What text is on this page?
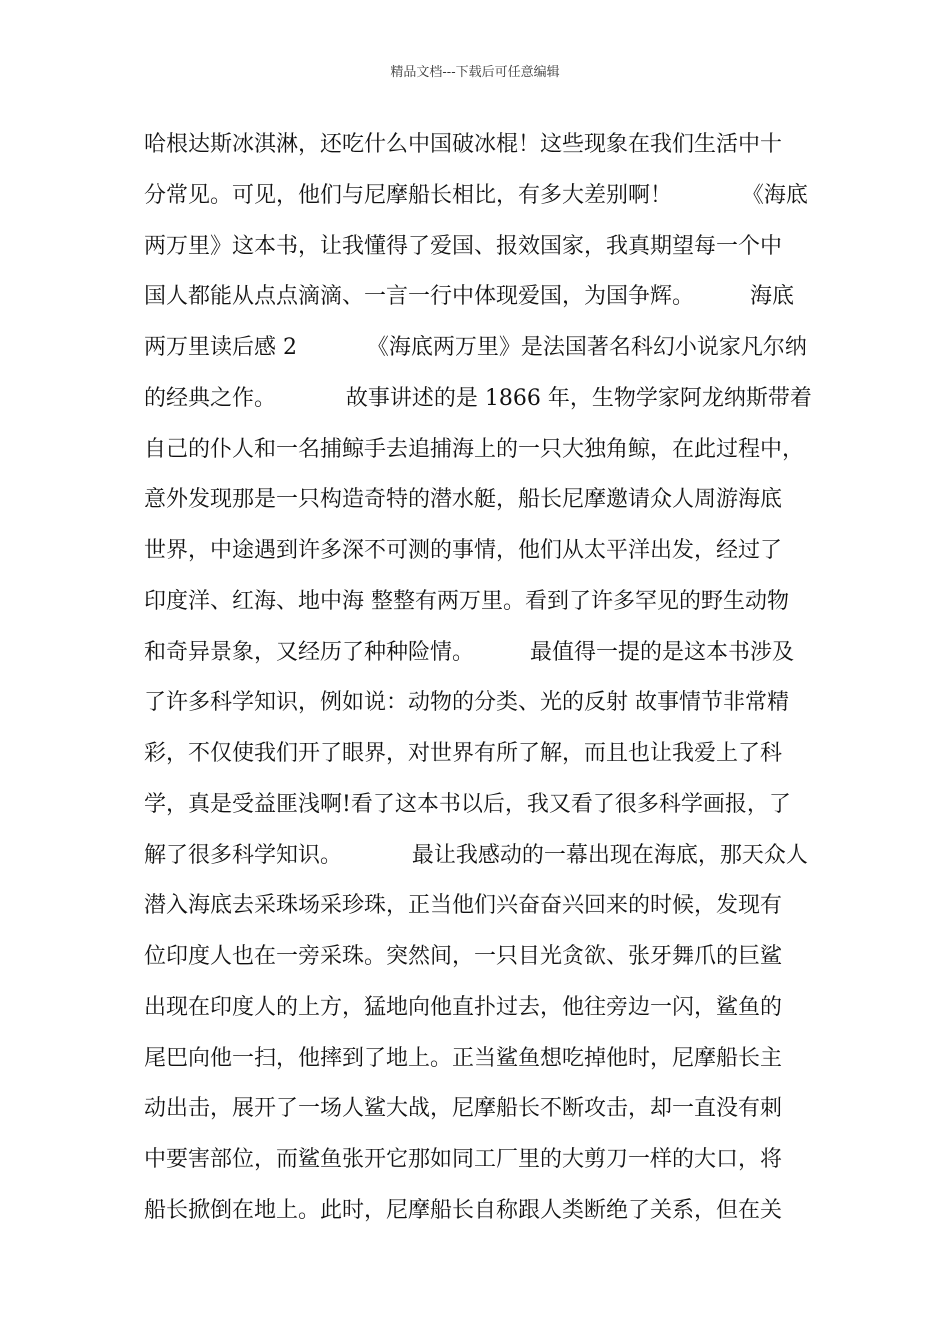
精品文档---下载后可任意编辑
哈根达斯冰淇淋，还吃什么中国破冰棍！这些现象在我们生活中十
分常见。可见，他们与尼摩船长相比，有多大差别啊！          《海底
两万里》这本书，让我懂得了爱国、报效国家，我真期望每一个中
国人都能从点点滴滴、一言一行中体现爱国，为国争辉。        海底
两万里读后感 2          《海底两万里》是法国著名科幻小说家凡尔纳
的经典之作。          故事讲述的是 1866 年，生物学家阿龙纳斯带着
自己的仆人和一名捕鲸手去追捕海上的一只大独角鲸，在此过程中，
意外发现那是一只构造奇特的潜水艇，船长尼摩邀请众人周游海底
世界，中途遇到许多深不可测的事情，他们从太平洋出发，经过了
印度洋、红海、地中海 整整有两万里。看到了许多罕见的野生动物
和奇异景象，又经历了种种险情。        最值得一提的是这本书涉及
了许多科学知识，例如说：动物的分类、光的反射 故事情节非常精
彩，不仅使我们开了眼界，对世界有所了解，而且也让我爱上了科
学，真是受益匪浅啊!看了这本书以后，我又看了很多科学画报，了
解了很多科学知识。          最让我感动的一幕出现在海底，那天众人
潜入海底去采珠场采珍珠，正当他们兴奋奋兴回来的时候，发现有
位印度人也在一旁采珠。突然间，一只目光贪欲、张牙舞爪的巨鲨
出现在印度人的上方，猛地向他直扑过去，他往旁边一闪，鲨鱼的
尾巴向他一扫，他摔到了地上。正当鲨鱼想吃掉他时，尼摩船长主
动出击，展开了一场人鲨大战，尼摩船长不断攻击，却一直没有刺
中要害部位，而鲨鱼张开它那如同工厂里的大剪刀一样的大口，将
船长掀倒在地上。此时，尼摩船长自称跟人类断绝了关系，但在关
